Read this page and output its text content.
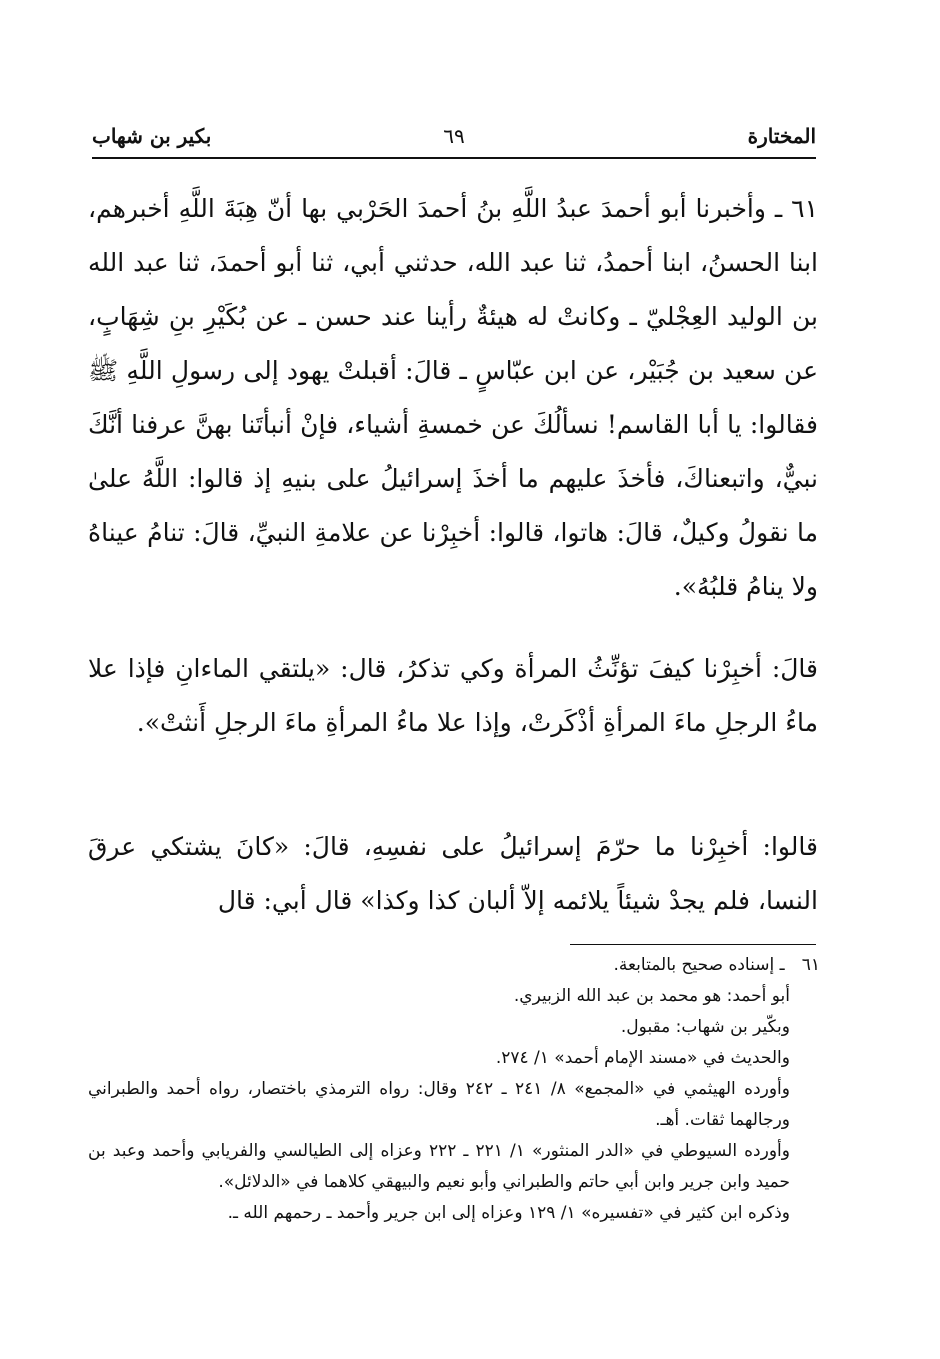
المختارة
٦٩
بكير بن شهاب

٦١ ـ وأخبرنا أبو أحمدَ عبدُ اللَّهِ بنُ أحمدَ الحَرْبي بها أنّ هِبَةَ اللَّهِ أخبرهم، ابنا الحسنُ، ابنا أحمدُ، ثنا عبد الله، حدثني أبي، ثنا أبو أحمدَ، ثنا عبد الله بن الوليد العِجْليّ ـ وكانتْ له هيئةٌ رأينا عند حسن ـ عن بُكَيْرِ بنِ شِهَابٍ، عن سعيد بن جُبَيْر، عن ابن عبّاسٍ ـ قالَ: أقبلتْ يهود إلى رسولِ اللَّهِ ﷺ فقالوا: يا أبا القاسم! نسألُكَ عن خمسةِ أشياء، فإنْ أنبأتَنا بهنَّ عرفنا أنَّكَ نبيٌّ، واتبعناكَ، فأخذَ عليهم ما أخذَ إسرائيلُ على بنيهِ إذ قالوا: اللَّهُ علىٰ ما نقولُ وكيلٌ، قالَ: هاتوا، قالوا: أخبِرْنا عن علامةِ النبيِّ، قالَ: تنامُ عيناهُ ولا ينامُ قلبُهُ».

قالَ: أخبِرْنا كيفَ تؤنِّثُ المرأة وكي تذكرُ، قال: «يلتقي الماءانِ فإذا علا ماءُ الرجلِ ماءَ المرأةِ أذْكَرتْ، وإذا علا ماءُ المرأةِ ماءَ الرجلِ أَنثتْ».

قالوا: أخبِرْنا ما حرّمَ إسرائيلُ على نفسِهِ، قالَ: «كانَ يشتكي عرقَ النسا، فلم يجدْ شيئاً يلائمه إلاّ ألبان كذا وكذا» قال أبي: قال

٦١ ـ إسناده صحيح بالمتابعة.

أبو أحمد: هو محمد بن عبد الله الزبيري.

وبكّير بن شهاب: مقبول.

والحديث في «مسند الإمام أحمد» ١/ ٢٧٤.

وأورده الهيثمي في «المجمع» ٨/ ٢٤١ ـ ٢٤٢ وقال: رواه الترمذي باختصار، رواه أحمد والطبراني ورجالهما ثقات. أهـ.

وأورده السيوطي في «الدر المنثور» ١/ ٢٢١ ـ ٢٢٢ وعزاه إلى الطيالسي والفريابي وأحمد وعبد بن حميد وابن جرير وابن أبي حاتم والطبراني وأبو نعيم والبيهقي كلاهما في «الدلائل».

وذكره ابن كثير في «تفسيره» ١/ ١٢٩ وعزاه إلى ابن جرير وأحمد ـ رحمهم الله ـ.
